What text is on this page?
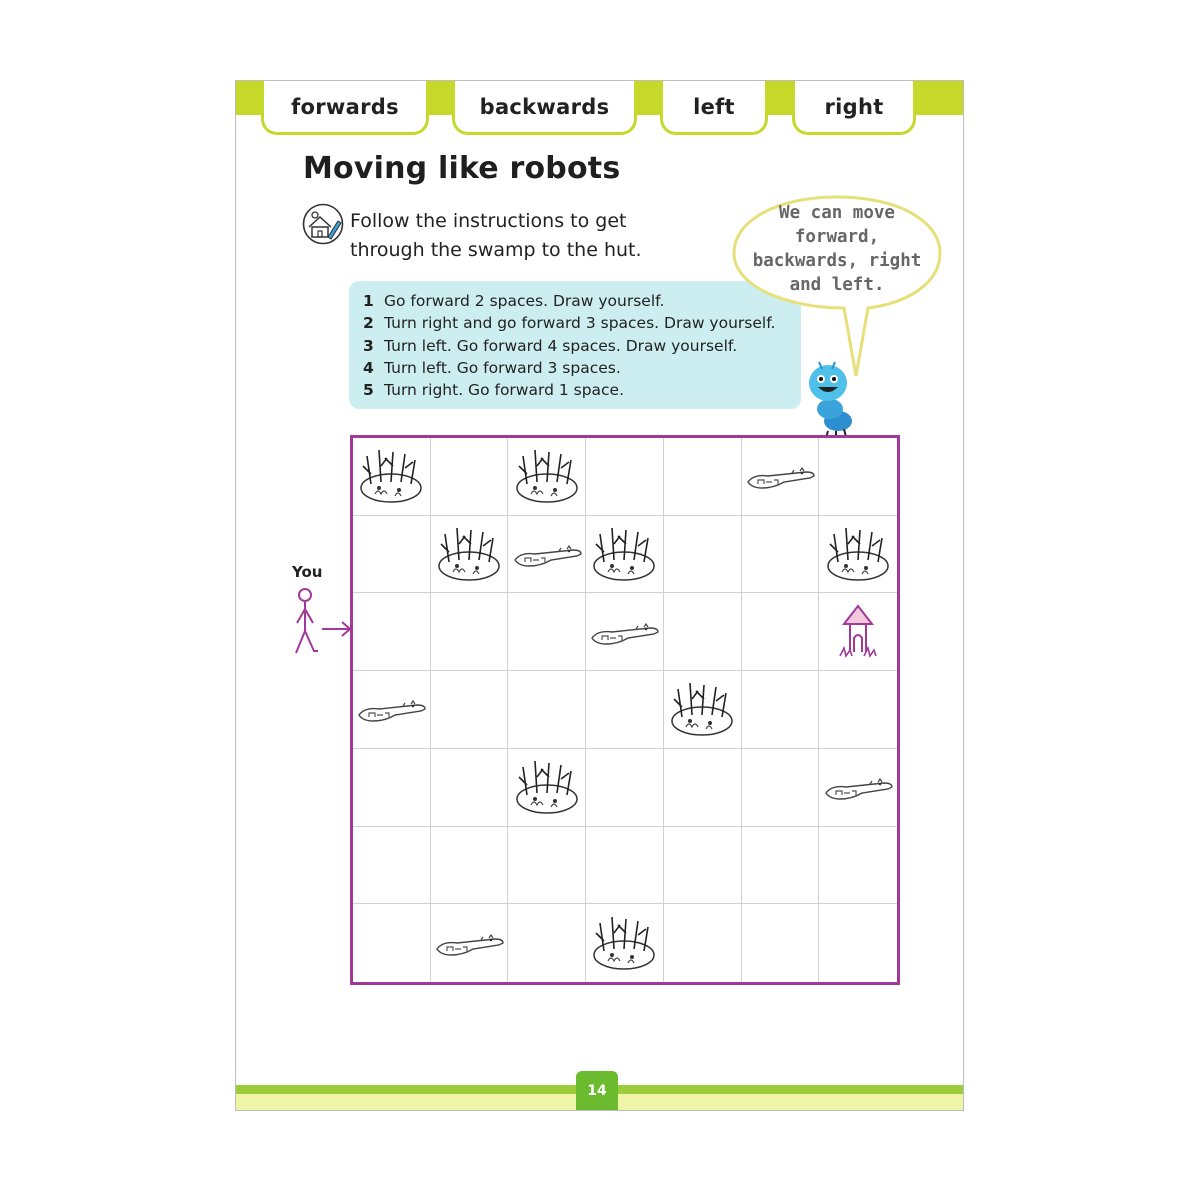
forwards	backwards	left	right
Moving like robots
Follow the instructions to get through the swamp to the hut.
1 Go forward 2 spaces. Draw yourself.
2 Turn right and go forward 3 spaces. Draw yourself.
3 Turn left. Go forward 4 spaces. Draw yourself.
4 Turn left. Go forward 3 spaces.
5 Turn right. Go forward 1 space.
We can move forward, backwards, right and left.
You
14
